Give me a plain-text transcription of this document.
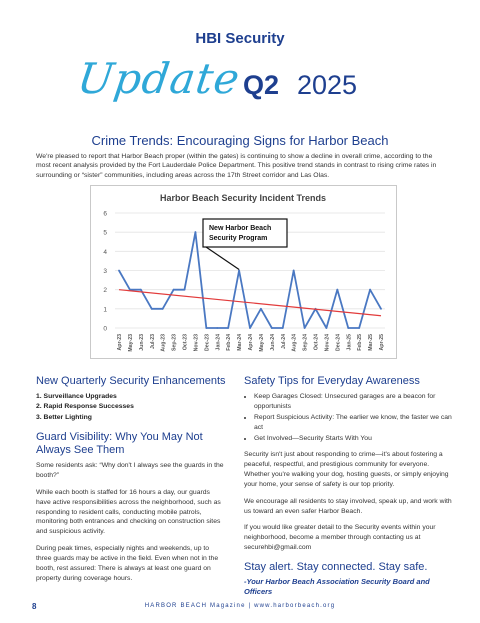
HBI Security
Update Q2 2025
Crime Trends: Encouraging Signs for Harbor Beach

We're pleased to report that Harbor Beach proper (within the gates) is continuing to show a decline in overall crime, according to the most recent analysis provided by the Fort Lauderdale Police Department. This positive trend stands in contrast to rising crime rates in surrounding or “sister” communities, including areas across the 17th Street corridor and Las Olas.

Harbor Beach Security Incident Trends
0
1
2
3
4
5
6
Apr-23 May-23 Jun-23 Jul-23 Aug-23 Sep-23 Oct-23 Nov-23 Dec-23 Jan-24 Feb-24 Mar-24 Apr-24 May-24 Jun-24 Jul-24 Aug-24 Sep-24 Oct-24 Nov-24 Dec-24 Jan-25 Feb-25 Mar-25 Apr-25
New Harbor Beach
Security Program
New Quarterly Security Enhancements
1. Surveillance Upgrades
2. Rapid Response Successes
3. Better Lighting
Guard Visibility: Why You May Not Always See Them

Some residents ask: “Why don't I always see the guards in the booth?”

While each booth is staffed for 16 hours a day, our guards have active responsibilities across the neighborhood, such as responding to resident calls, conducting mobile patrols, monitoring both entrances and checking on construction sites and suspicious activity.

During peak times, especially nights and weekends, up to three guards may be active in the field. Even when not in the booth, rest assured: There is always at least one guard on property during coverage hours.

Safety Tips for Everyday Awareness
• Keep Garages Closed: Unsecured garages are a beacon for opportunists
• Report Suspicious Activity: The earlier we know, the faster we can act
• Get Involved—Security Starts With You

Security isn't just about responding to crime—it's about fostering a peaceful, respectful, and prestigious community for everyone. Whether you're walking your dog, hosting guests, or simply enjoying your home, your sense of safety is our top priority.

We encourage all residents to stay involved, speak up, and work with us toward an even safer Harbor Beach.

If you would like greater detail to the Security events within your neighborhood, become a member through contacting us at securehbi@gmail.com

Stay alert. Stay connected. Stay safe.

-Your Harbor Beach Association Security Board and Officers

8	HARBOR BEACH Magazine | www.harborbeach.org
